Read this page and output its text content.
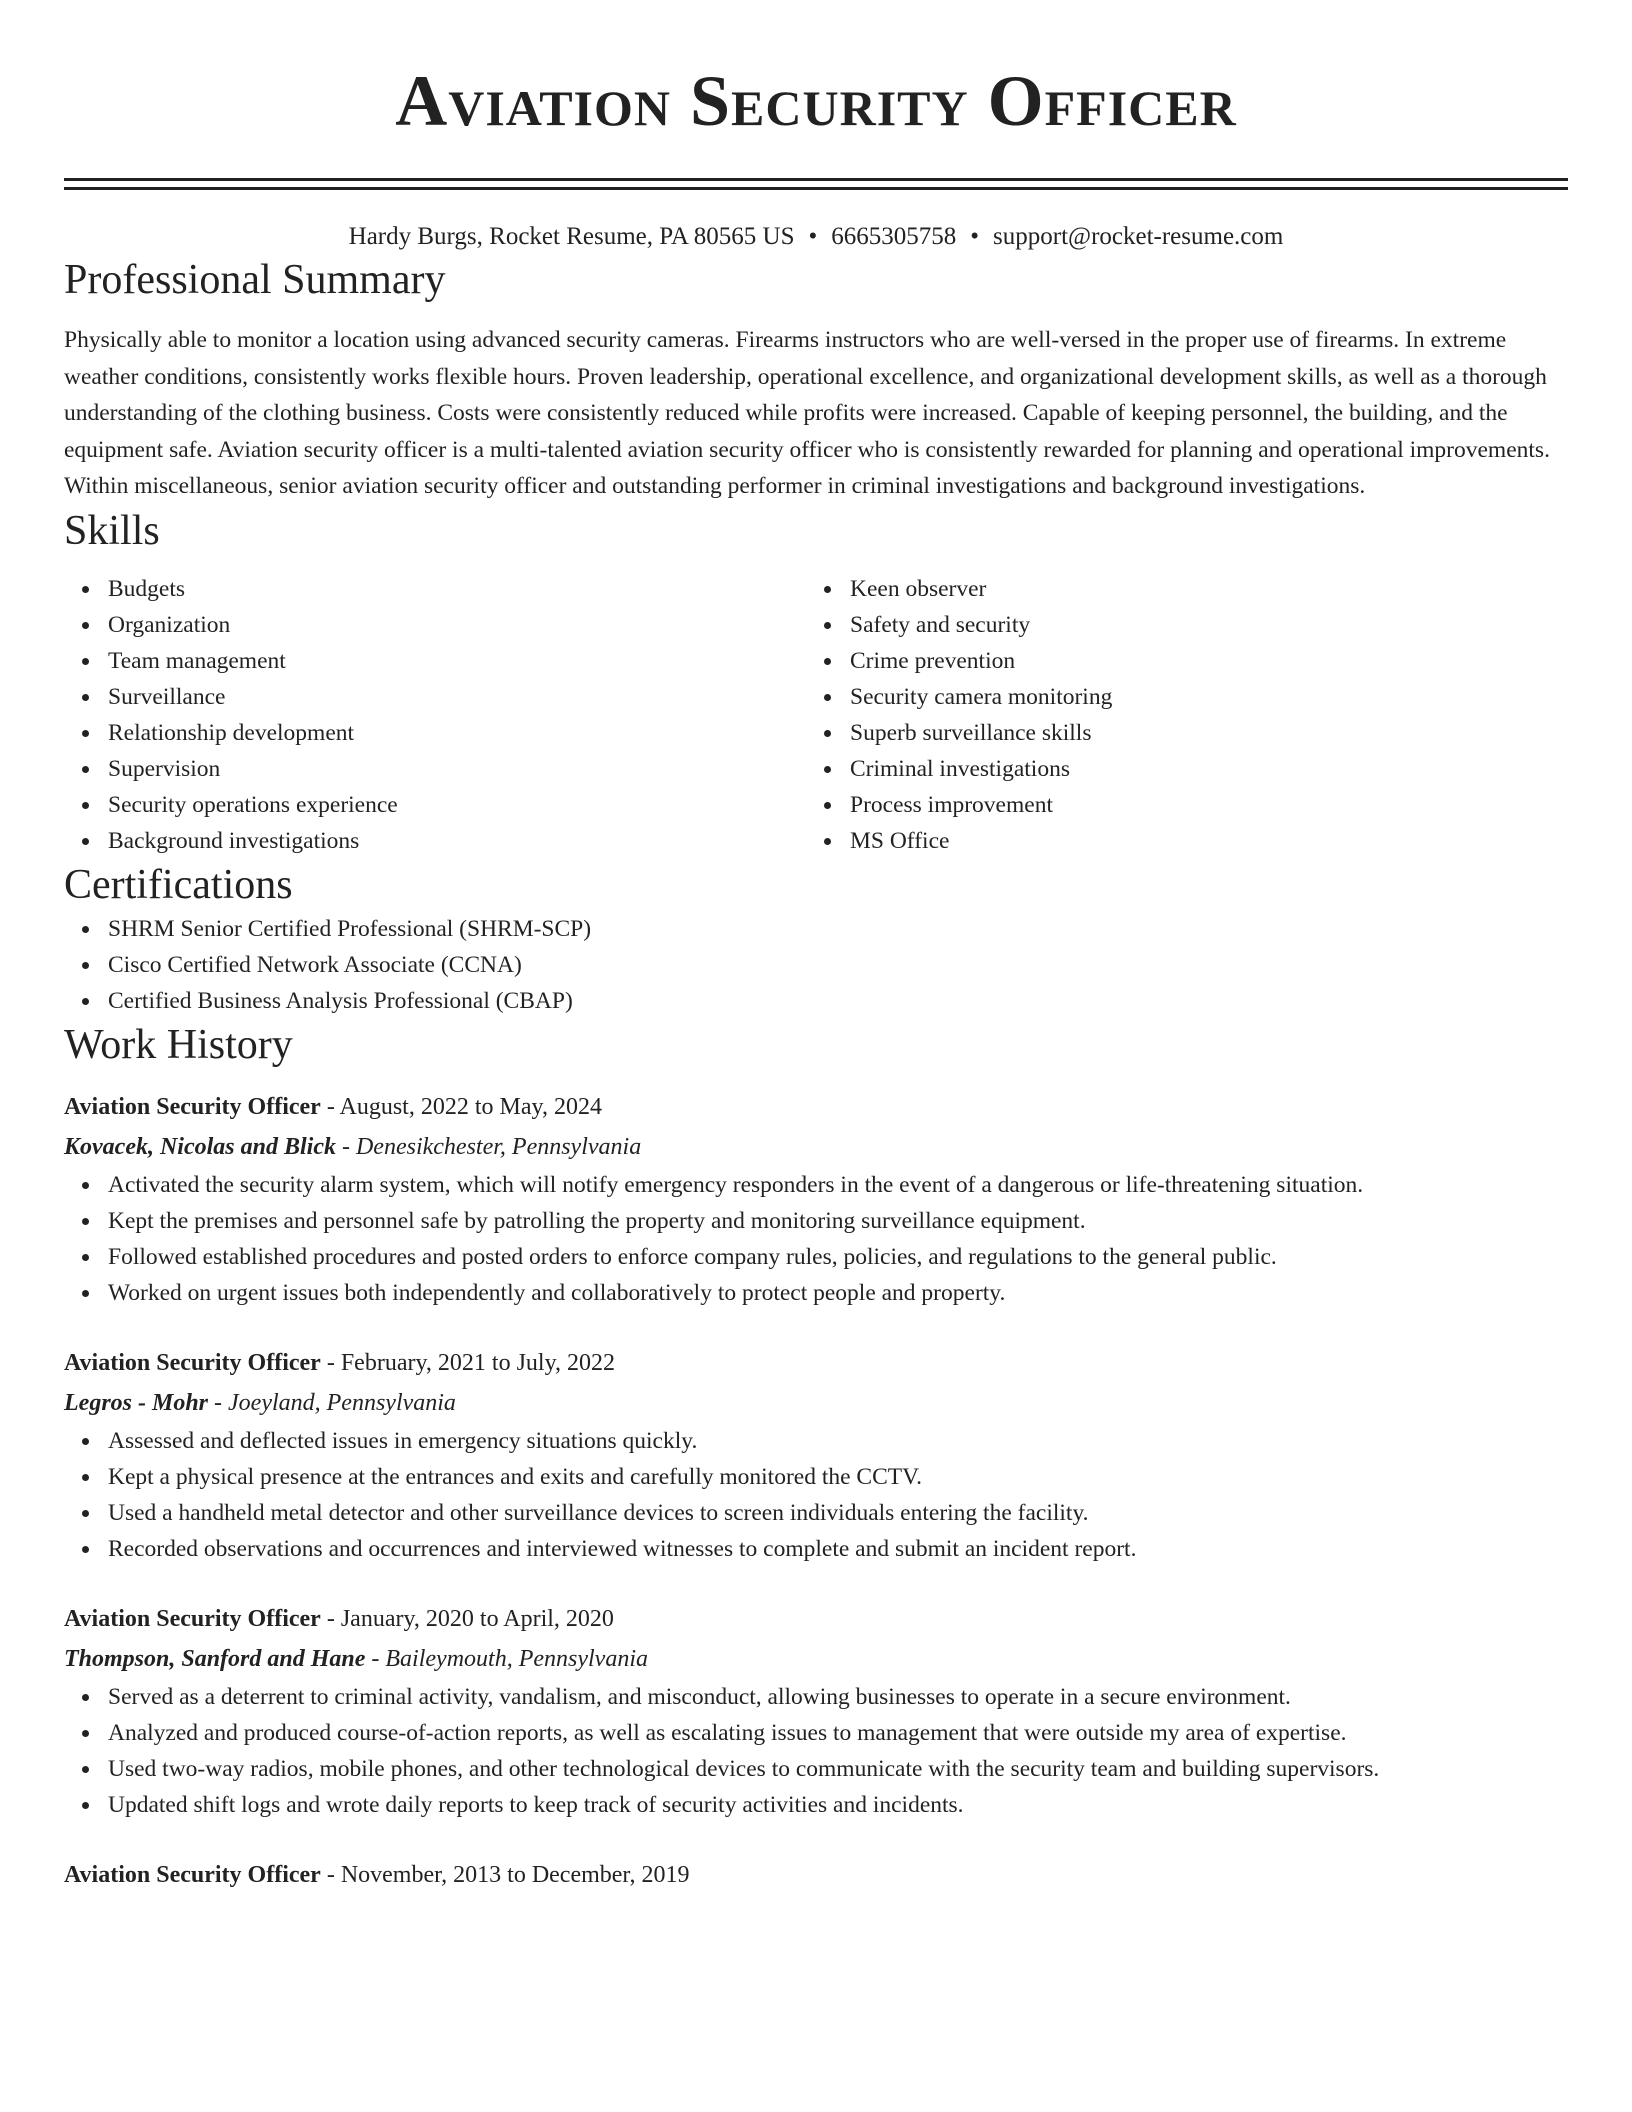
Aviation Security Officer
Hardy Burgs, Rocket Resume, PA 80565 US • 6665305758 • support@rocket-resume.com
Professional Summary

Physically able to monitor a location using advanced security cameras. Firearms instructors who are well-versed in the proper use of firearms. In extreme weather conditions, consistently works flexible hours. Proven leadership, operational excellence, and organizational development skills, as well as a thorough understanding of the clothing business. Costs were consistently reduced while profits were increased. Capable of keeping personnel, the building, and the equipment safe. Aviation security officer is a multi-talented aviation security officer who is consistently rewarded for planning and operational improvements. Within miscellaneous, senior aviation security officer and outstanding performer in criminal investigations and background investigations.

Skills
Budgets
Organization
Team management
Surveillance
Relationship development
Supervision
Security operations experience
Background investigations
Keen observer
Safety and security
Crime prevention
Security camera monitoring
Superb surveillance skills
Criminal investigations
Process improvement
MS Office
Certifications
SHRM Senior Certified Professional (SHRM-SCP)
Cisco Certified Network Associate (CCNA)
Certified Business Analysis Professional (CBAP)
Work History
Aviation Security Officer - August, 2022 to May, 2024
Kovacek, Nicolas and Blick - Denesikchester, Pennsylvania
Activated the security alarm system, which will notify emergency responders in the event of a dangerous or life-threatening situation.
Kept the premises and personnel safe by patrolling the property and monitoring surveillance equipment.
Followed established procedures and posted orders to enforce company rules, policies, and regulations to the general public.
Worked on urgent issues both independently and collaboratively to protect people and property.
Aviation Security Officer - February, 2021 to July, 2022
Legros - Mohr - Joeyland, Pennsylvania
Assessed and deflected issues in emergency situations quickly.
Kept a physical presence at the entrances and exits and carefully monitored the CCTV.
Used a handheld metal detector and other surveillance devices to screen individuals entering the facility.
Recorded observations and occurrences and interviewed witnesses to complete and submit an incident report.
Aviation Security Officer - January, 2020 to April, 2020
Thompson, Sanford and Hane - Baileymouth, Pennsylvania
Served as a deterrent to criminal activity, vandalism, and misconduct, allowing businesses to operate in a secure environment.
Analyzed and produced course-of-action reports, as well as escalating issues to management that were outside my area of expertise.
Used two-way radios, mobile phones, and other technological devices to communicate with the security team and building supervisors.
Updated shift logs and wrote daily reports to keep track of security activities and incidents.
Aviation Security Officer - November, 2013 to December, 2019
